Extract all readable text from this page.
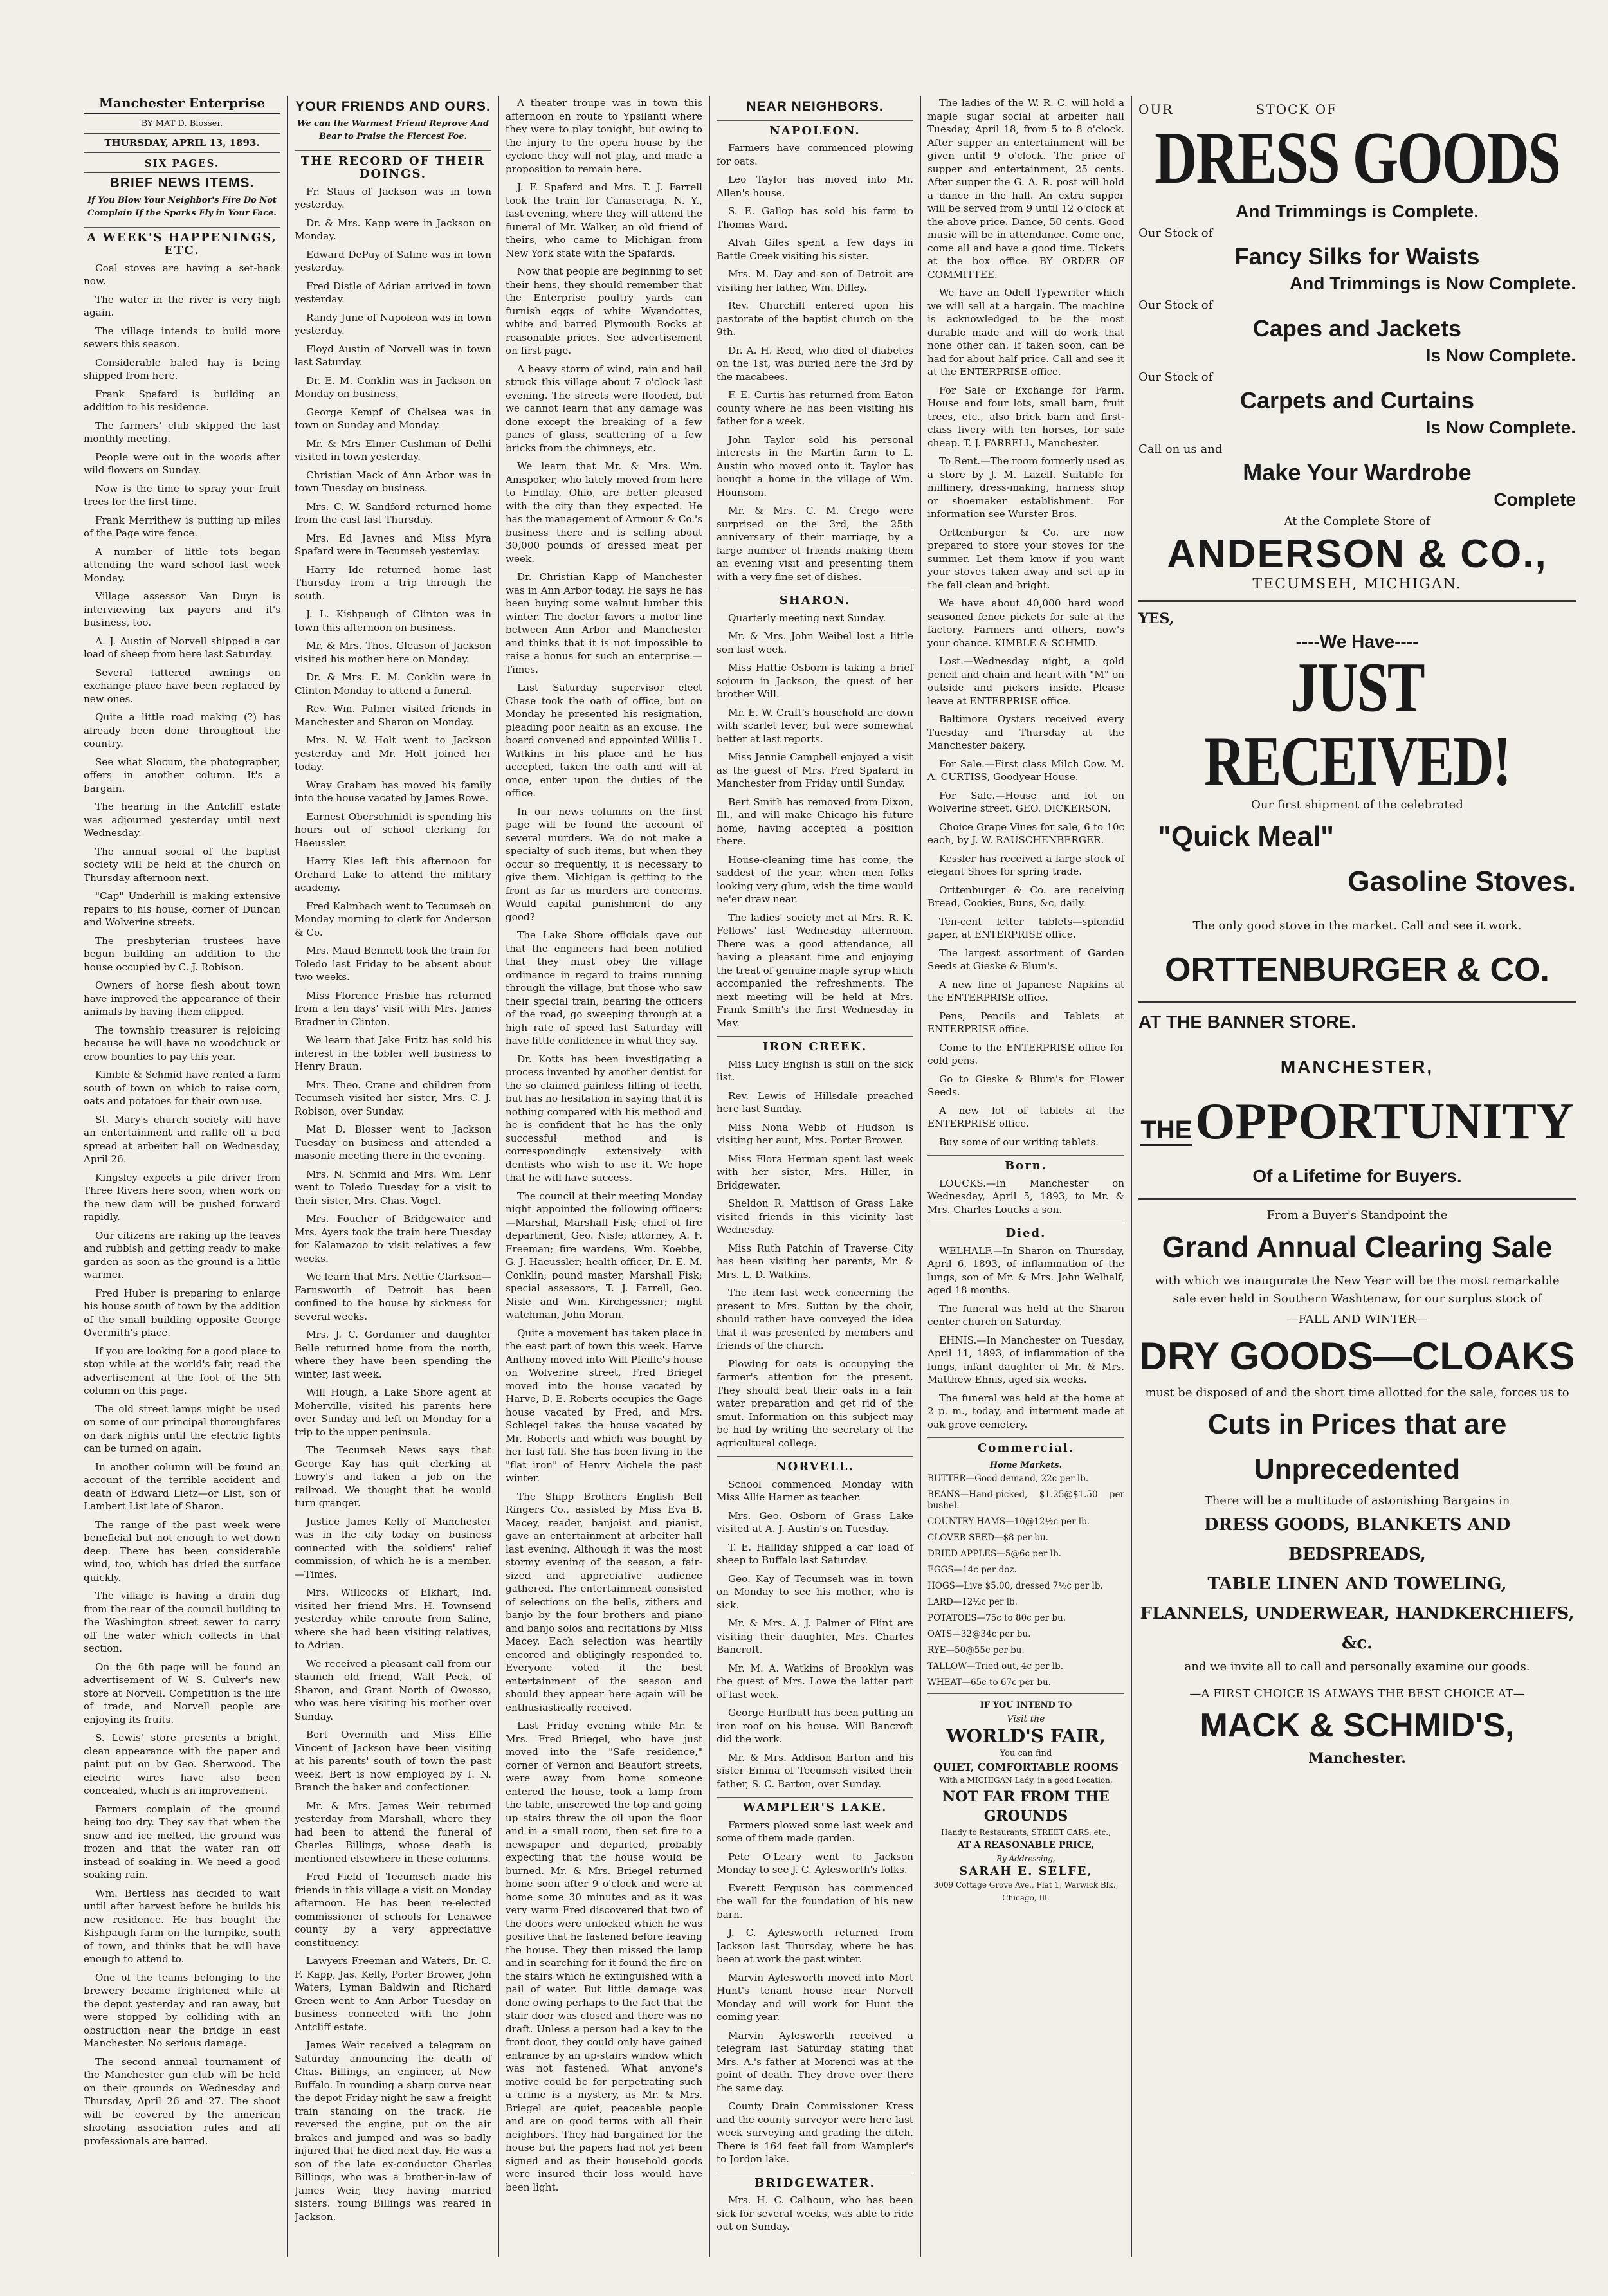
Manchester Enterprise
BY MAT D. Blosser.
THURSDAY, APRIL 13, 1893.
SIX PAGES.
BRIEF NEWS ITEMS.
If You Blow Your Neighbor's Fire Do Not Complain If the Sparks Fly in Your Face.
A WEEK'S HAPPENINGS, ETC.

Coal stoves are having a set-back now.

The water in the river is very high again.

The village intends to build more sewers this season.

Considerable baled hay is being shipped from here.

Frank Spafard is building an addition to his residence.

The farmers' club skipped the last monthly meeting.

People were out in the woods after wild flowers on Sunday.

Now is the time to spray your fruit trees for the first time.

Frank Merrithew is putting up miles of the Page wire fence.

A number of little tots began attending the ward school last week Monday.

Village assessor Van Duyn is interviewing tax payers and it's business, too.

A. J. Austin of Norvell shipped a car load of sheep from here last Saturday.

Several tattered awnings on exchange place have been replaced by new ones.

Quite a little road making (?) has already been done throughout the country.

See what Slocum, the photographer, offers in another column. It's a bargain.

The hearing in the Antcliff estate was adjourned yesterday until next Wednesday.

The annual social of the baptist society will be held at the church on Thursday afternoon next.

"Cap" Underhill is making extensive repairs to his house, corner of Duncan and Wolverine streets.

The presbyterian trustees have begun building an addition to the house occupied by C. J. Robison.

Owners of horse flesh about town have improved the appearance of their animals by having them clipped.

The township treasurer is rejoicing because he will have no woodchuck or crow bounties to pay this year.

Kimble & Schmid have rented a farm south of town on which to raise corn, oats and potatoes for their own use.

St. Mary's church society will have an entertainment and raffle off a bed spread at arbeiter hall on Wednesday, April 26.

Kingsley expects a pile driver from Three Rivers here soon, when work on the new dam will be pushed forward rapidly.

Our citizens are raking up the leaves and rubbish and getting ready to make garden as soon as the ground is a little warmer.

Fred Huber is preparing to enlarge his house south of town by the addition of the small building opposite George Overmith's place.

If you are looking for a good place to stop while at the world's fair, read the advertisement at the foot of the 5th column on this page.

The old street lamps might be used on some of our principal thoroughfares on dark nights until the electric lights can be turned on again.

In another column will be found an account of the terrible accident and death of Edward Lietz—or List, son of Lambert List late of Sharon.

The range of the past week were beneficial but not enough to wet down deep. There has been considerable wind, too, which has dried the surface quickly.

The village is having a drain dug from the rear of the council building to the Washington street sewer to carry off the water which collects in that section.

On the 6th page will be found an advertisement of W. S. Culver's new store at Norvell. Competition is the life of trade, and Norvell people are enjoying its fruits.

S. Lewis' store presents a bright, clean appearance with the paper and paint put on by Geo. Sherwood. The electric wires have also been concealed, which is an improvement.

Farmers complain of the ground being too dry. They say that when the snow and ice melted, the ground was frozen and that the water ran off instead of soaking in. We need a good soaking rain.

Wm. Bertless has decided to wait until after harvest before he builds his new residence. He has bought the Kishpaugh farm on the turnpike, south of town, and thinks that he will have enough to attend to.

One of the teams belonging to the brewery became frightened while at the depot yesterday and ran away, but were stopped by colliding with an obstruction near the bridge in east Manchester. No serious damage.

The second annual tournament of the Manchester gun club will be held on their grounds on Wednesday and Thursday, April 26 and 27. The shoot will be covered by the american shooting association rules and all professionals are barred.

YOUR FRIENDS AND OURS.
We can the Warmest Friend Reprove And Bear to Praise the Fiercest Foe.
THE RECORD OF THEIR DOINGS.

Fr. Staus of Jackson was in town yesterday.

Dr. & Mrs. Kapp were in Jackson on Monday.

Edward DePuy of Saline was in town yesterday.

Fred Distle of Adrian arrived in town yesterday.

Randy June of Napoleon was in town yesterday.

Floyd Austin of Norvell was in town last Saturday.

Dr. E. M. Conklin was in Jackson on Monday on business.

George Kempf of Chelsea was in town on Sunday and Monday.

Mr. & Mrs Elmer Cushman of Delhi visited in town yesterday.

Christian Mack of Ann Arbor was in town Tuesday on business.

Mrs. C. W. Sandford returned home from the east last Thursday.

Mrs. Ed Jaynes and Miss Myra Spafard were in Tecumseh yesterday.

Harry Ide returned home last Thursday from a trip through the south.

J. L. Kishpaugh of Clinton was in town this afternoon on business.

Mr. & Mrs. Thos. Gleason of Jackson visited his mother here on Monday.

Dr. & Mrs. E. M. Conklin were in Clinton Monday to attend a funeral.

Rev. Wm. Palmer visited friends in Manchester and Sharon on Monday.

Mrs. N. W. Holt went to Jackson yesterday and Mr. Holt joined her today.

Wray Graham has moved his family into the house vacated by James Rowe.

Earnest Oberschmidt is spending his hours out of school clerking for Haeussler.

Harry Kies left this afternoon for Orchard Lake to attend the military academy.

Fred Kalmbach went to Tecumseh on Monday morning to clerk for Anderson & Co.

Mrs. Maud Bennett took the train for Toledo last Friday to be absent about two weeks.

Miss Florence Frisbie has returned from a ten days' visit with Mrs. James Bradner in Clinton.

We learn that Jake Fritz has sold his interest in the tobler well business to Henry Braun.

Mrs. Theo. Crane and children from Tecumseh visited her sister, Mrs. C. J. Robison, over Sunday.

Mat D. Blosser went to Jackson Tuesday on business and attended a masonic meeting there in the evening.

Mrs. N. Schmid and Mrs. Wm. Lehr went to Toledo Tuesday for a visit to their sister, Mrs. Chas. Vogel.

Mrs. Foucher of Bridgewater and Mrs. Ayers took the train here Tuesday for Kalamazoo to visit relatives a few weeks.

We learn that Mrs. Nettie Clarkson—Farnsworth of Detroit has been confined to the house by sickness for several weeks.

Mrs. J. C. Gordanier and daughter Belle returned home from the north, where they have been spending the winter, last week.

Will Hough, a Lake Shore agent at Moherville, visited his parents here over Sunday and left on Monday for a trip to the upper peninsula.

The Tecumseh News says that George Kay has quit clerking at Lowry's and taken a job on the railroad. We thought that he would turn granger.

Justice James Kelly of Manchester was in the city today on business connected with the soldiers' relief commission, of which he is a member.—Times.

Mrs. Willcocks of Elkhart, Ind. visited her friend Mrs. H. Townsend yesterday while enroute from Saline, where she had been visiting relatives, to Adrian.

We received a pleasant call from our staunch old friend, Walt Peck, of Sharon, and Grant North of Owosso, who was here visiting his mother over Sunday.

Bert Overmith and Miss Effie Vincent of Jackson have been visiting at his parents' south of town the past week. Bert is now employed by I. N. Branch the baker and confectioner.

Mr. & Mrs. James Weir returned yesterday from Marshall, where they had been to attend the funeral of Charles Billings, whose death is mentioned elsewhere in these columns.

Fred Field of Tecumseh made his friends in this village a visit on Monday afternoon. He has been re-elected commissioner of schools for Lenawee county by a very appreciative constituency.

Lawyers Freeman and Waters, Dr. C. F. Kapp, Jas. Kelly, Porter Brower, John Waters, Lyman Baldwin and Richard Green went to Ann Arbor Tuesday on business connected with the John Antcliff estate.

James Weir received a telegram on Saturday announcing the death of Chas. Billings, an engineer, at New Buffalo. In rounding a sharp curve near the depot Friday night he saw a freight train standing on the track. He reversed the engine, put on the air brakes and jumped and was so badly injured that he died next day. He was a son of the late ex-conductor Charles Billings, who was a brother-in-law of James Weir, they having married sisters. Young Billings was reared in Jackson.

A theater troupe was in town this afternoon en route to Ypsilanti where they were to play tonight, but owing to the injury to the opera house by the cyclone they will not play, and made a proposition to remain here.

J. F. Spafard and Mrs. T. J. Farrell took the train for Canaseraga, N. Y., last evening, where they will attend the funeral of Mr. Walker, an old friend of theirs, who came to Michigan from New York state with the Spafards.

Now that people are beginning to set their hens, they should remember that the Enterprise poultry yards can furnish eggs of white Wyandottes, white and barred Plymouth Rocks at reasonable prices. See advertisement on first page.

A heavy storm of wind, rain and hail struck this village about 7 o'clock last evening. The streets were flooded, but we cannot learn that any damage was done except the breaking of a few panes of glass, scattering of a few bricks from the chimneys, etc.

We learn that Mr. & Mrs. Wm. Amspoker, who lately moved from here to Findlay, Ohio, are better pleased with the city than they expected. He has the management of Armour & Co.'s business there and is selling about 30,000 pounds of dressed meat per week.

Dr. Christian Kapp of Manchester was in Ann Arbor today. He says he has been buying some walnut lumber this winter. The doctor favors a motor line between Ann Arbor and Manchester and thinks that it is not impossible to raise a bonus for such an enterprise.—Times.

Last Saturday supervisor elect Chase took the oath of office, but on Monday he presented his resignation, pleading poor health as an excuse. The board convened and appointed Willis L. Watkins in his place and he has accepted, taken the oath and will at once, enter upon the duties of the office.

In our news columns on the first page will be found the account of several murders. We do not make a specialty of such items, but when they occur so frequently, it is necessary to give them. Michigan is getting to the front as far as murders are concerns. Would capital punishment do any good?

The Lake Shore officials gave out that the engineers had been notified that they must obey the village ordinance in regard to trains running through the village, but those who saw their special train, bearing the officers of the road, go sweeping through at a high rate of speed last Saturday will have little confidence in what they say.

Dr. Kotts has been investigating a process invented by another dentist for the so claimed painless filling of teeth, but has no hesitation in saying that it is nothing compared with his method and he is confident that he has the only successful method and is correspondingly extensively with dentists who wish to use it. We hope that he will have success.

The council at their meeting Monday night appointed the following officers:—Marshal, Marshall Fisk; chief of fire department, Geo. Nisle; attorney, A. F. Freeman; fire wardens, Wm. Koebbe, G. J. Haeussler; health officer, Dr. E. M. Conklin; pound master, Marshall Fisk; special assessors, T. J. Farrell, Geo. Nisle and Wm. Kirchgessner; night watchman, John Moran.

Quite a movement has taken place in the east part of town this week. Harve Anthony moved into Will Pfeifle's house on Wolverine street, Fred Briegel moved into the house vacated by Harve, D. E. Roberts occupies the Gage house vacated by Fred, and Mrs. Schlegel takes the house vacated by Mr. Roberts and which was bought by her last fall. She has been living in the "flat iron" of Henry Aichele the past winter.

The Shipp Brothers English Bell Ringers Co., assisted by Miss Eva B. Macey, reader, banjoist and pianist, gave an entertainment at arbeiter hall last evening. Although it was the most stormy evening of the season, a fair-sized and appreciative audience gathered. The entertainment consisted of selections on the bells, zithers and banjo by the four brothers and piano and banjo solos and recitations by Miss Macey. Each selection was heartily encored and obligingly responded to. Everyone voted it the best entertainment of the season and should they appear here again will be enthusiastically received.

Last Friday evening while Mr. & Mrs. Fred Briegel, who have just moved into the "Safe residence," corner of Vernon and Beaufort streets, were away from home someone entered the house, took a lamp from the table, unscrewed the top and going up stairs threw the oil upon the floor and in a small room, then set fire to a newspaper and departed, probably expecting that the house would be burned. Mr. & Mrs. Briegel returned home soon after 9 o'clock and were at home some 30 minutes and as it was very warm Fred discovered that two of the doors were unlocked which he was positive that he fastened before leaving the house. They then missed the lamp and in searching for it found the fire on the stairs which he extinguished with a pail of water. But little damage was done owing perhaps to the fact that the stair door was closed and there was no draft. Unless a person had a key to the front door, they could only have gained entrance by an up-stairs window which was not fastened. What anyone's motive could be for perpetrating such a crime is a mystery, as Mr. & Mrs. Briegel are quiet, peaceable people and are on good terms with all their neighbors. They had bargained for the house but the papers had not yet been signed and as their household goods were insured their loss would have been light.

NEAR NEIGHBORS.
NAPOLEON.

Farmers have commenced plowing for oats.

Leo Taylor has moved into Mr. Allen's house.

S. E. Gallop has sold his farm to Thomas Ward.

Alvah Giles spent a few days in Battle Creek visiting his sister.

Mrs. M. Day and son of Detroit are visiting her father, Wm. Dilley.

Rev. Churchill entered upon his pastorate of the baptist church on the 9th.

Dr. A. H. Reed, who died of diabetes on the 1st, was buried here the 3rd by the macabees.

F. E. Curtis has returned from Eaton county where he has been visiting his father for a week.

John Taylor sold his personal interests in the Martin farm to L. Austin who moved onto it. Taylor has bought a home in the village of Wm. Hounsom.

Mr. & Mrs. C. M. Crego were surprised on the 3rd, the 25th anniversary of their marriage, by a large number of friends making them an evening visit and presenting them with a very fine set of dishes.

SHARON.

Quarterly meeting next Sunday.

Mr. & Mrs. John Weibel lost a little son last week.

Miss Hattie Osborn is taking a brief sojourn in Jackson, the guest of her brother Will.

Mr. E. W. Craft's household are down with scarlet fever, but were somewhat better at last reports.

Miss Jennie Campbell enjoyed a visit as the guest of Mrs. Fred Spafard in Manchester from Friday until Sunday.

Bert Smith has removed from Dixon, Ill., and will make Chicago his future home, having accepted a position there.

House-cleaning time has come, the saddest of the year, when men folks looking very glum, wish the time would ne'er draw near.

The ladies' society met at Mrs. R. K. Fellows' last Wednesday afternoon. There was a good attendance, all having a pleasant time and enjoying the treat of genuine maple syrup which accompanied the refreshments. The next meeting will be held at Mrs. Frank Smith's the first Wednesday in May.

IRON CREEK.

Miss Lucy English is still on the sick list.

Rev. Lewis of Hillsdale preached here last Sunday.

Miss Nona Webb of Hudson is visiting her aunt, Mrs. Porter Brower.

Miss Flora Herman spent last week with her sister, Mrs. Hiller, in Bridgewater.

Sheldon R. Mattison of Grass Lake visited friends in this vicinity last Wednesday.

Miss Ruth Patchin of Traverse City has been visiting her parents, Mr. & Mrs. L. D. Watkins.

The item last week concerning the present to Mrs. Sutton by the choir, should rather have conveyed the idea that it was presented by members and friends of the church.

Plowing for oats is occupying the farmer's attention for the present. They should beat their oats in a fair water preparation and get rid of the smut. Information on this subject may be had by writing the secretary of the agricultural college.

NORVELL.

School commenced Monday with Miss Allie Harner as teacher.

Mrs. Geo. Osborn of Grass Lake visited at A. J. Austin's on Tuesday.

T. E. Halliday shipped a car load of sheep to Buffalo last Saturday.

Geo. Kay of Tecumseh was in town on Monday to see his mother, who is sick.

Mr. & Mrs. A. J. Palmer of Flint are visiting their daughter, Mrs. Charles Bancroft.

Mr. M. A. Watkins of Brooklyn was the guest of Mrs. Lowe the latter part of last week.

George Hurlbutt has been putting an iron roof on his house. Will Bancroft did the work.

Mr. & Mrs. Addison Barton and his sister Emma of Tecumseh visited their father, S. C. Barton, over Sunday.

WAMPLER'S LAKE.

Farmers plowed some last week and some of them made garden.

Pete O'Leary went to Jackson Monday to see J. C. Aylesworth's folks.

Everett Ferguson has commenced the wall for the foundation of his new barn.

J. C. Aylesworth returned from Jackson last Thursday, where he has been at work the past winter.

Marvin Aylesworth moved into Mort Hunt's tenant house near Norvell Monday and will work for Hunt the coming year.

Marvin Aylesworth received a telegram last Saturday stating that Mrs. A.'s father at Morenci was at the point of death. They drove over there the same day.

County Drain Commissioner Kress and the county surveyor were here last week surveying and grading the ditch. There is 164 feet fall from Wampler's to Jordon lake.

BRIDGEWATER.

Mrs. H. C. Calhoun, who has been sick for several weeks, was able to ride out on Sunday.

The ladies of the W. R. C. will hold a maple sugar social at arbeiter hall Tuesday, April 18, from 5 to 8 o'clock. After supper an entertainment will be given until 9 o'clock. The price of supper and entertainment, 25 cents. After supper the G. A. R. post will hold a dance in the hall. An extra supper will be served from 9 until 12 o'clock at the above price. Dance, 50 cents. Good music will be in attendance. Come one, come all and have a good time. Tickets at the box office. BY ORDER OF COMMITTEE.

We have an Odell Typewriter which we will sell at a bargain. The machine is acknowledged to be the most durable made and will do work that none other can. If taken soon, can be had for about half price. Call and see it at the ENTERPRISE office.

For Sale or Exchange for Farm. House and four lots, small barn, fruit trees, etc., also brick barn and first-class livery with ten horses, for sale cheap. T. J. FARRELL, Manchester.

To Rent.—The room formerly used as a store by J. M. Lazell. Suitable for millinery, dress-making, harness shop or shoemaker establishment. For information see Wurster Bros.

Orttenburger & Co. are now prepared to store your stoves for the summer. Let them know if you want your stoves taken away and set up in the fall clean and bright.

We have about 40,000 hard wood seasoned fence pickets for sale at the factory. Farmers and others, now's your chance. KIMBLE & SCHMID.

Lost.—Wednesday night, a gold pencil and chain and heart with "M" on outside and pickers inside. Please leave at ENTERPRISE office.

Baltimore Oysters received every Tuesday and Thursday at the Manchester bakery.

For Sale.—First class Milch Cow. M. A. CURTISS, Goodyear House.

For Sale.—House and lot on Wolverine street. GEO. DICKERSON.

Choice Grape Vines for sale, 6 to 10c each, by J. W. RAUSCHENBERGER.

Kessler has received a large stock of elegant Shoes for spring trade.

Orttenburger & Co. are receiving Bread, Cookies, Buns, &c, daily.

Ten-cent letter tablets—splendid paper, at ENTERPRISE office.

The largest assortment of Garden Seeds at Gieske & Blum's.

A new line of Japanese Napkins at the ENTERPRISE office.

Pens, Pencils and Tablets at ENTERPRISE office.

Come to the ENTERPRISE office for cold pens.

Go to Gieske & Blum's for Flower Seeds.

A new lot of tablets at the ENTERPRISE office.

Buy some of our writing tablets.

Born.

LOUCKS.—In Manchester on Wednesday, April 5, 1893, to Mr. & Mrs. Charles Loucks a son.

Died.

WELHALF.—In Sharon on Thursday, April 6, 1893, of inflammation of the lungs, son of Mr. & Mrs. John Welhalf, aged 18 months.

The funeral was held at the Sharon center church on Saturday.

EHNIS.—In Manchester on Tuesday, April 11, 1893, of inflammation of the lungs, infant daughter of Mr. & Mrs. Matthew Ehnis, aged six weeks.

The funeral was held at the home at 2 p. m., today, and interment made at oak grove cemetery.

Commercial.
Home Markets.

BUTTER—Good demand, 22c per lb.

BEANS—Hand-picked, $1.25@$1.50 per bushel.

COUNTRY HAMS—10@12½c per lb.

CLOVER SEED—$8 per bu.

DRIED APPLES—5@6c per lb.

EGGS—14c per doz.

HOGS—Live $5.00, dressed 7½c per lb.

LARD—12½c per lb.

POTATOES—75c to 80c per bu.

OATS—32@34c per bu.

RYE—50@55c per bu.

TALLOW—Tried out, 4c per lb.

WHEAT—65c to 67c per bu.

IF YOU INTEND TO
Visit the
WORLD'S FAIR,
You can find
QUIET, COMFORTABLE ROOMS
With a MICHIGAN Lady, in a good Location,
NOT FAR FROM THE GROUNDS
Handy to Restaurants, STREET CARS, etc.,
AT A REASONABLE PRICE,
By Addressing,
SARAH E. SELFE,
3009 Cottage Grove Ave., Flat 1, Warwick Blk., Chicago, Ill.
OUR	STOCK OF
DRESS GOODS
And Trimmings is Complete.
Our Stock of
Fancy Silks for Waists
And Trimmings is Now Complete.
Our Stock of
Capes and Jackets
Is Now Complete.
Our Stock of
Carpets and Curtains
Is Now Complete.
Call on us and
Make Your Wardrobe
Complete
At the Complete Store of
ANDERSON & CO.,
TECUMSEH, MICHIGAN.
YES,
----We Have----
JUST RECEIVED!
Our first shipment of the celebrated
"Quick Meal"
Gasoline Stoves.
The only good stove in the market. Call and see it work.
ORTTENBURGER & CO.
AT THE BANNER STORE.
MANCHESTER,
THE OPPORTUNITY
Of a Lifetime for Buyers.
From a Buyer's Standpoint the
Grand Annual Clearing Sale
with which we inaugurate the New Year will be the most remarkable sale ever held in Southern Washtenaw, for our surplus stock of
—FALL AND WINTER—
DRY GOODS—CLOAKS
must be disposed of and the short time allotted for the sale, forces us to
Cuts in Prices that are Unprecedented
There will be a multitude of astonishing Bargains in
DRESS GOODS, BLANKETS AND BEDSPREADS,
TABLE LINEN AND TOWELING,
FLANNELS, UNDERWEAR, HANDKERCHIEFS, &c.
and we invite all to call and personally examine our goods.
—A FIRST CHOICE IS ALWAYS THE BEST CHOICE AT—
MACK & SCHMID'S,
Manchester.
